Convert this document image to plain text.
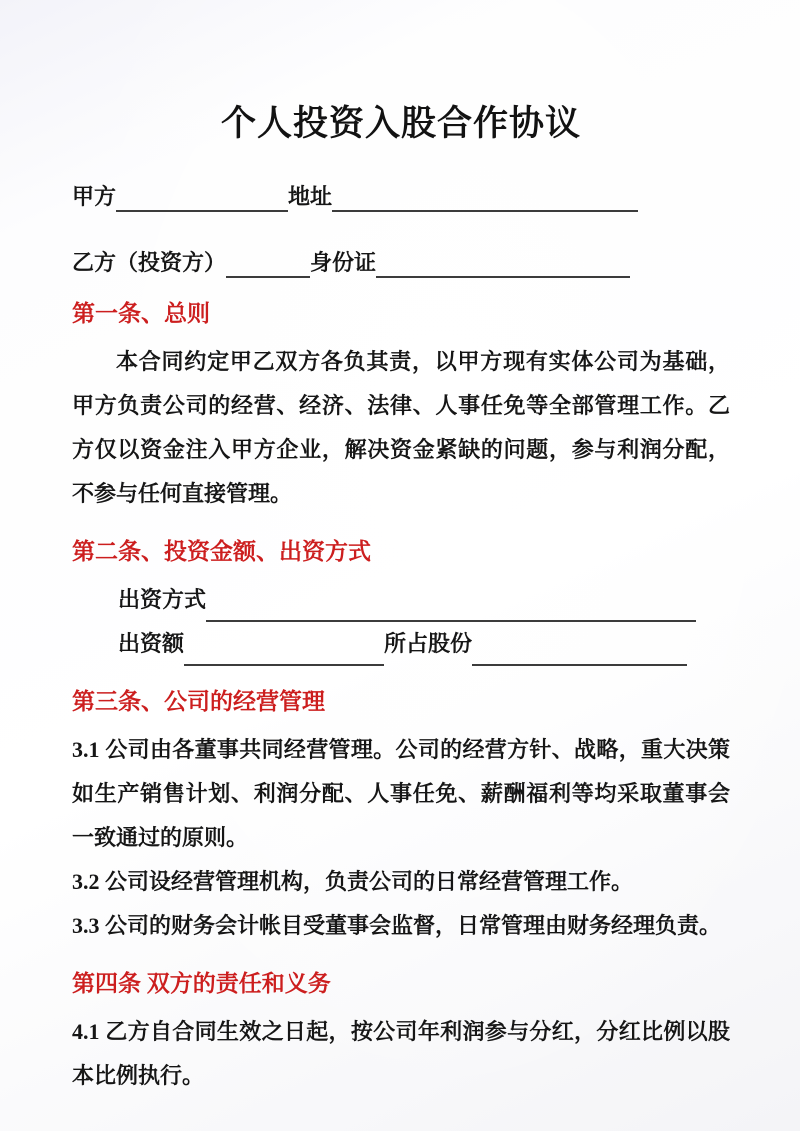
个人投资入股合作协议
甲方	地址
乙方（投资方）	身份证
第一条、总则

本合同约定甲乙双方各负其责，以甲方现有实体公司为基础，甲方负责公司的经营、经济、法律、人事任免等全部管理工作。乙方仅以资金注入甲方企业，解决资金紧缺的问题，参与利润分配，不参与任何直接管理。

第二条、投资金额、出资方式
出资方式
出资额	所占股份
第三条、公司的经营管理

3.1 公司由各董事共同经营管理。公司的经营方针、战略，重大决策如生产销售计划、利润分配、人事任免、薪酬福利等均采取董事会一致通过的原则。

3.2 公司设经营管理机构，负责公司的日常经营管理工作。

3.3 公司的财务会计帐目受董事会监督，日常管理由财务经理负责。

第四条 双方的责任和义务

4.1 乙方自合同生效之日起，按公司年利润参与分红，分红比例以股本比例执行。
